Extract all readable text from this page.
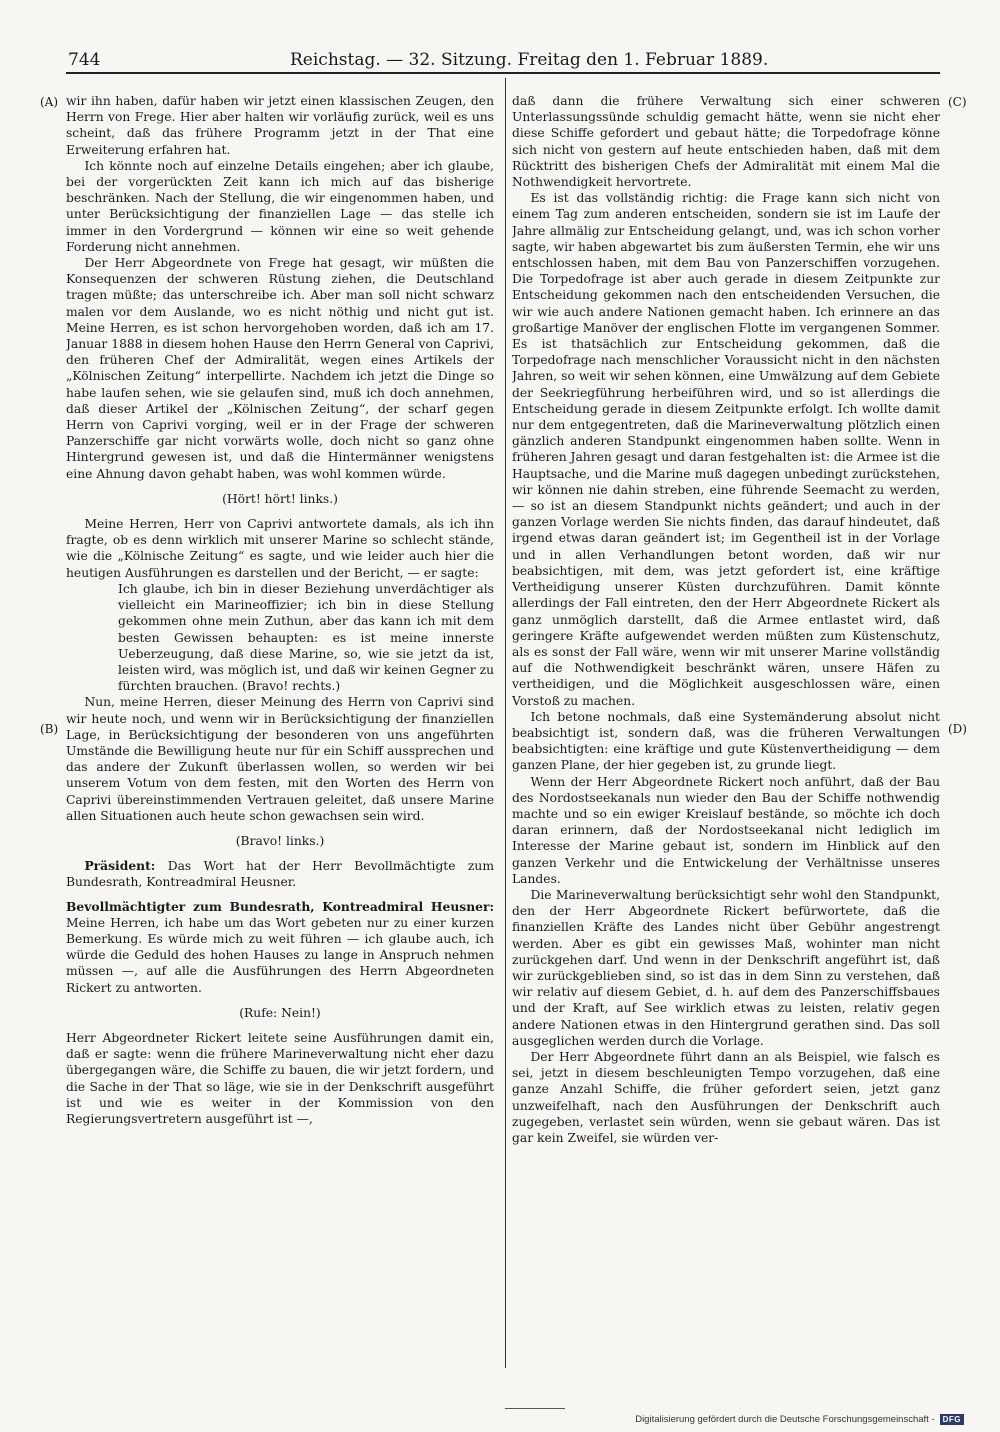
744	Reichstag. — 32. Sitzung. Freitag den 1. Februar 1889.
(A)
(B)
(C)
(D)

wir ihn haben, dafür haben wir jetzt einen klassischen Zeugen, den Herrn von Frege. Hier aber halten wir vorläufig zurück, weil es uns scheint, daß das frühere Programm jetzt in der That eine Erweiterung erfahren hat.

Ich könnte noch auf einzelne Details eingehen; aber ich glaube, bei der vorgerückten Zeit kann ich mich auf das bisherige beschränken. Nach der Stellung, die wir eingenommen haben, und unter Berücksichtigung der finanziellen Lage — das stelle ich immer in den Vordergrund — können wir eine so weit gehende Forderung nicht annehmen.

Der Herr Abgeordnete von Frege hat gesagt, wir müßten die Konsequenzen der schweren Rüstung ziehen, die Deutschland tragen müßte; das unterschreibe ich. Aber man soll nicht schwarz malen vor dem Auslande, wo es nicht nöthig und nicht gut ist. Meine Herren, es ist schon hervorgehoben worden, daß ich am 17. Januar 1888 in diesem hohen Hause den Herrn General von Caprivi, den früheren Chef der Admiralität, wegen eines Artikels der „Kölnischen Zeitung“ interpellirte. Nachdem ich jetzt die Dinge so habe laufen sehen, wie sie gelaufen sind, muß ich doch annehmen, daß dieser Artikel der „Kölnischen Zeitung“, der scharf gegen Herrn von Caprivi vorging, weil er in der Frage der schweren Panzerschiffe gar nicht vorwärts wolle, doch nicht so ganz ohne Hintergrund gewesen ist, und daß die Hintermänner wenigstens eine Ahnung davon gehabt haben, was wohl kommen würde.

(Hört! hört! links.)

Meine Herren, Herr von Caprivi antwortete damals, als ich ihn fragte, ob es denn wirklich mit unserer Marine so schlecht stände, wie die „Kölnische Zeitung“ es sagte, und wie leider auch hier die heutigen Ausführungen es darstellen und der Bericht, — er sagte:

Ich glaube, ich bin in dieser Beziehung unverdächtiger als vielleicht ein Marineoffizier; ich bin in diese Stellung gekommen ohne mein Zuthun, aber das kann ich mit dem besten Gewissen behaupten: es ist meine innerste Ueberzeugung, daß diese Marine, so, wie sie jetzt da ist, leisten wird, was möglich ist, und daß wir keinen Gegner zu fürchten brauchen. (Bravo! rechts.)

Nun, meine Herren, dieser Meinung des Herrn von Caprivi sind wir heute noch, und wenn wir in Berücksichtigung der finanziellen Lage, in Berücksichtigung der besonderen von uns angeführten Umstände die Bewilligung heute nur für ein Schiff aussprechen und das andere der Zukunft überlassen wollen, so werden wir bei unserem Votum von dem festen, mit den Worten des Herrn von Caprivi übereinstimmenden Vertrauen geleitet, daß unsere Marine allen Situationen auch heute schon gewachsen sein wird.

(Bravo! links.)

Präsident: Das Wort hat der Herr Bevollmächtigte zum Bundesrath, Kontreadmiral Heusner.

Bevollmächtigter zum Bundesrath, Kontreadmiral Heusner: Meine Herren, ich habe um das Wort gebeten nur zu einer kurzen Bemerkung. Es würde mich zu weit führen — ich glaube auch, ich würde die Geduld des hohen Hauses zu lange in Anspruch nehmen müssen —, auf alle die Ausführungen des Herrn Abgeordneten Rickert zu antworten.

(Rufe: Nein!)

Herr Abgeordneter Rickert leitete seine Ausführungen damit ein, daß er sagte: wenn die frühere Marineverwaltung nicht eher dazu übergegangen wäre, die Schiffe zu bauen, die wir jetzt fordern, und die Sache in der That so läge, wie sie in der Denkschrift ausgeführt ist und wie es weiter in der Kommission von den Regierungsvertretern ausgeführt ist —,

daß dann die frühere Verwaltung sich einer schweren Unterlassungssünde schuldig gemacht hätte, wenn sie nicht eher diese Schiffe gefordert und gebaut hätte; die Torpedofrage könne sich nicht von gestern auf heute entschieden haben, daß mit dem Rücktritt des bisherigen Chefs der Admiralität mit einem Mal die Nothwendigkeit hervortrete.

Es ist das vollständig richtig: die Frage kann sich nicht von einem Tag zum anderen entscheiden, sondern sie ist im Laufe der Jahre allmälig zur Entscheidung gelangt, und, was ich schon vorher sagte, wir haben abgewartet bis zum äußersten Termin, ehe wir uns entschlossen haben, mit dem Bau von Panzerschiffen vorzugehen. Die Torpedofrage ist aber auch gerade in diesem Zeitpunkte zur Entscheidung gekommen nach den entscheidenden Versuchen, die wir wie auch andere Nationen gemacht haben. Ich erinnere an das großartige Manöver der englischen Flotte im vergangenen Sommer. Es ist thatsächlich zur Entscheidung gekommen, daß die Torpedofrage nach menschlicher Voraussicht nicht in den nächsten Jahren, so weit wir sehen können, eine Umwälzung auf dem Gebiete der Seekriegführung herbeiführen wird, und so ist allerdings die Entscheidung gerade in diesem Zeitpunkte erfolgt. Ich wollte damit nur dem entgegentreten, daß die Marineverwaltung plötzlich einen gänzlich anderen Standpunkt eingenommen haben sollte. Wenn in früheren Jahren gesagt und daran festgehalten ist: die Armee ist die Hauptsache, und die Marine muß dagegen unbedingt zurückstehen, wir können nie dahin streben, eine führende Seemacht zu werden, — so ist an diesem Standpunkt nichts geändert; und auch in der ganzen Vorlage werden Sie nichts finden, das darauf hindeutet, daß irgend etwas daran geändert ist; im Gegentheil ist in der Vorlage und in allen Verhandlungen betont worden, daß wir nur beabsichtigen, mit dem, was jetzt gefordert ist, eine kräftige Vertheidigung unserer Küsten durchzuführen. Damit könnte allerdings der Fall eintreten, den der Herr Abgeordnete Rickert als ganz unmöglich darstellt, daß die Armee entlastet wird, daß geringere Kräfte aufgewendet werden müßten zum Küstenschutz, als es sonst der Fall wäre, wenn wir mit unserer Marine vollständig auf die Nothwendigkeit beschränkt wären, unsere Häfen zu vertheidigen, und die Möglichkeit ausgeschlossen wäre, einen Vorstoß zu machen.

Ich betone nochmals, daß eine Systemänderung absolut nicht beabsichtigt ist, sondern daß, was die früheren Verwaltungen beabsichtigten: eine kräftige und gute Küstenvertheidigung — dem ganzen Plane, der hier gegeben ist, zu grunde liegt.

Wenn der Herr Abgeordnete Rickert noch anführt, daß der Bau des Nordostseekanals nun wieder den Bau der Schiffe nothwendig machte und so ein ewiger Kreislauf bestände, so möchte ich doch daran erinnern, daß der Nordostseekanal nicht lediglich im Interesse der Marine gebaut ist, sondern im Hinblick auf den ganzen Verkehr und die Entwickelung der Verhältnisse unseres Landes.

Die Marineverwaltung berücksichtigt sehr wohl den Standpunkt, den der Herr Abgeordnete Rickert befürwortete, daß die finanziellen Kräfte des Landes nicht über Gebühr angestrengt werden. Aber es gibt ein gewisses Maß, wohinter man nicht zurückgehen darf. Und wenn in der Denkschrift angeführt ist, daß wir zurückgeblieben sind, so ist das in dem Sinn zu verstehen, daß wir relativ auf diesem Gebiet, d. h. auf dem des Panzerschiffsbaues und der Kraft, auf See wirklich etwas zu leisten, relativ gegen andere Nationen etwas in den Hintergrund gerathen sind. Das soll ausgeglichen werden durch die Vorlage.

Der Herr Abgeordnete führt dann an als Beispiel, wie falsch es sei, jetzt in diesem beschleunigten Tempo vorzugehen, daß eine ganze Anzahl Schiffe, die früher gefordert seien, jetzt ganz unzweifelhaft, nach den Ausführungen der Denkschrift auch zugegeben, verlastet sein würden, wenn sie gebaut wären. Das ist gar kein Zweifel, sie würden ver-

Digitalisierung gefördert durch die Deutsche Forschungsgemeinschaft -	DFG
